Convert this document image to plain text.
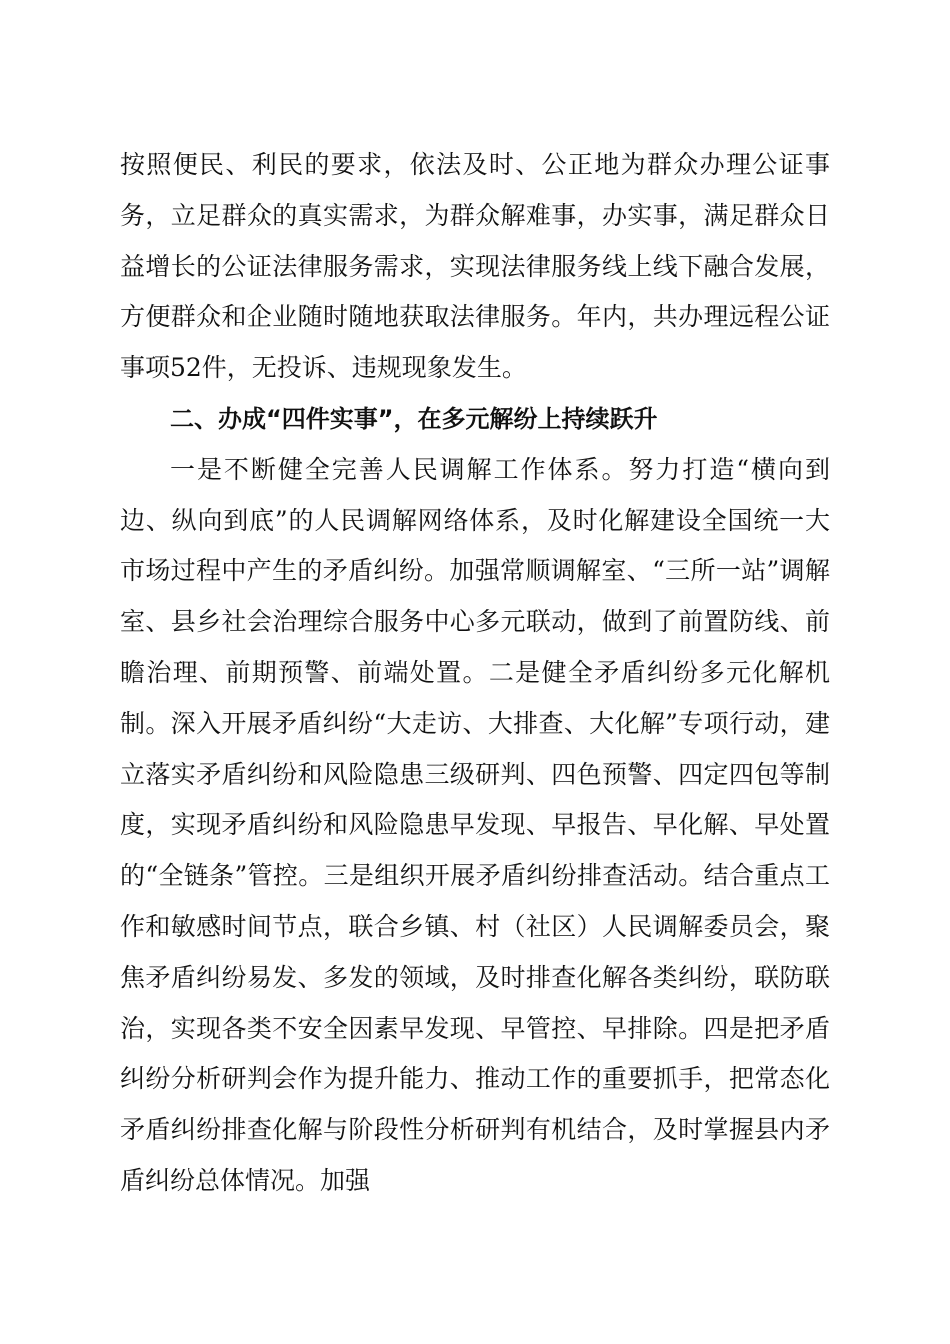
按照便民、利民的要求，依法及时、公正地为群众办理公证事务，立足群众的真实需求，为群众解难事，办实事，满足群众日益增长的公证法律服务需求，实现法律服务线上线下融合发展，方便群众和企业随时随地获取法律服务。年内，共办理远程公证事项52件，无投诉、违规现象发生。

二、办成“四件实事”，在多元解纷上持续跃升

一是不断健全完善人民调解工作体系。努力打造“横向到边、纵向到底”的人民调解网络体系，及时化解建设全国统一大市场过程中产生的矛盾纠纷。加强常顺调解室、“三所一站”调解室、县乡社会治理综合服务中心多元联动，做到了前置防线、前瞻治理、前期预警、前端处置。二是健全矛盾纠纷多元化解机制。深入开展矛盾纠纷“大走访、大排查、大化解”专项行动，建立落实矛盾纠纷和风险隐患三级研判、四色预警、四定四包等制度，实现矛盾纠纷和风险隐患早发现、早报告、早化解、早处置的“全链条”管控。三是组织开展矛盾纠纷排查活动。结合重点工作和敏感时间节点，联合乡镇、村（社区）人民调解委员会，聚焦矛盾纠纷易发、多发的领域，及时排查化解各类纠纷，联防联治，实现各类不安全因素早发现、早管控、早排除。四是把矛盾纠纷分析研判会作为提升能力、推动工作的重要抓手，把常态化矛盾纠纷排查化解与阶段性分析研判有机结合，及时掌握县内矛盾纠纷总体情况。加强
